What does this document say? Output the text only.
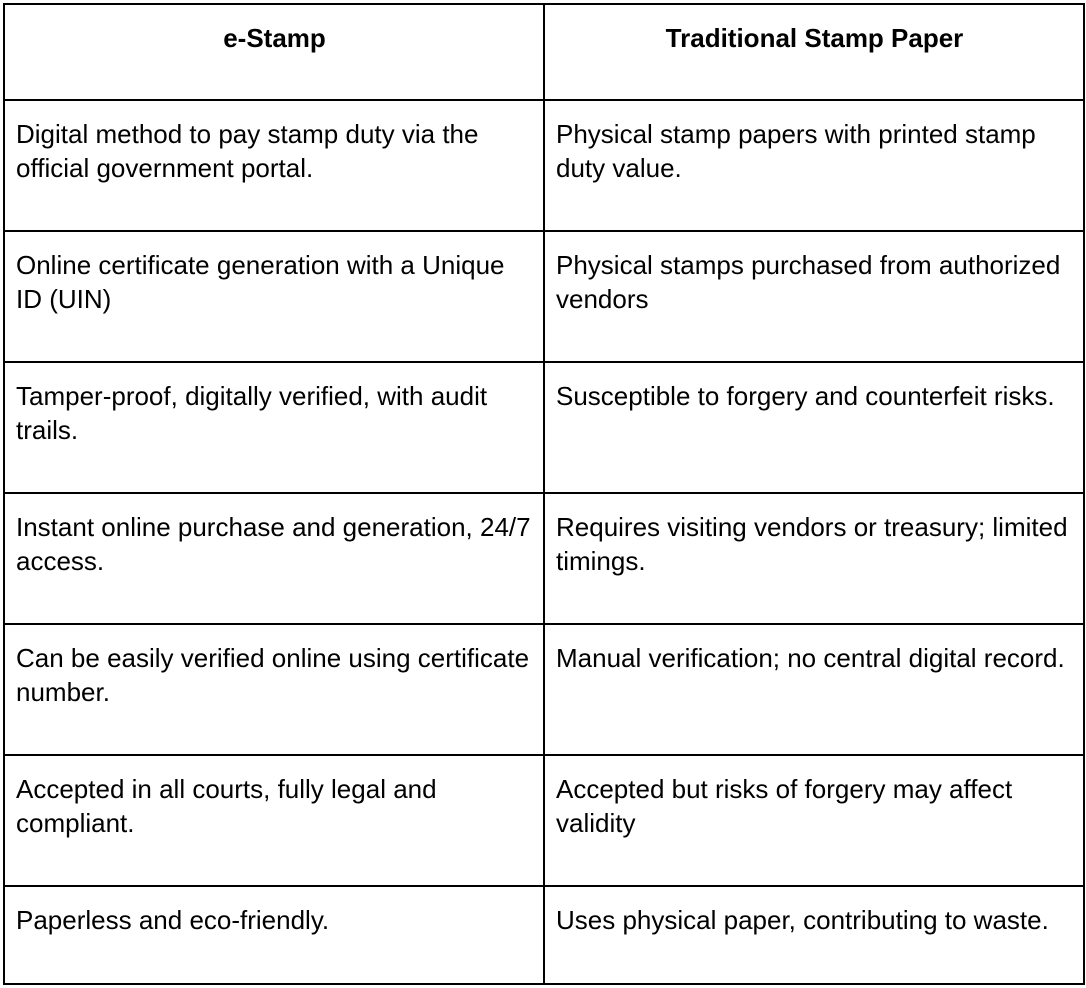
e-Stamp	Traditional Stamp Paper
Digital method to pay stamp duty via the official government portal.	Physical stamp papers with printed stamp duty value.
Online certificate generation with a Unique ID (UIN)	Physical stamps purchased from authorized vendors
Tamper-proof, digitally verified, with audit trails.	Susceptible to forgery and counterfeit risks.
Instant online purchase and generation, 24/7 access.	Requires visiting vendors or treasury; limited timings.
Can be easily verified online using certificate number.	Manual verification; no central digital record.
Accepted in all courts, fully legal and compliant.	Accepted but risks of forgery may affect validity
Paperless and eco-friendly.	Uses physical paper, contributing to waste.
